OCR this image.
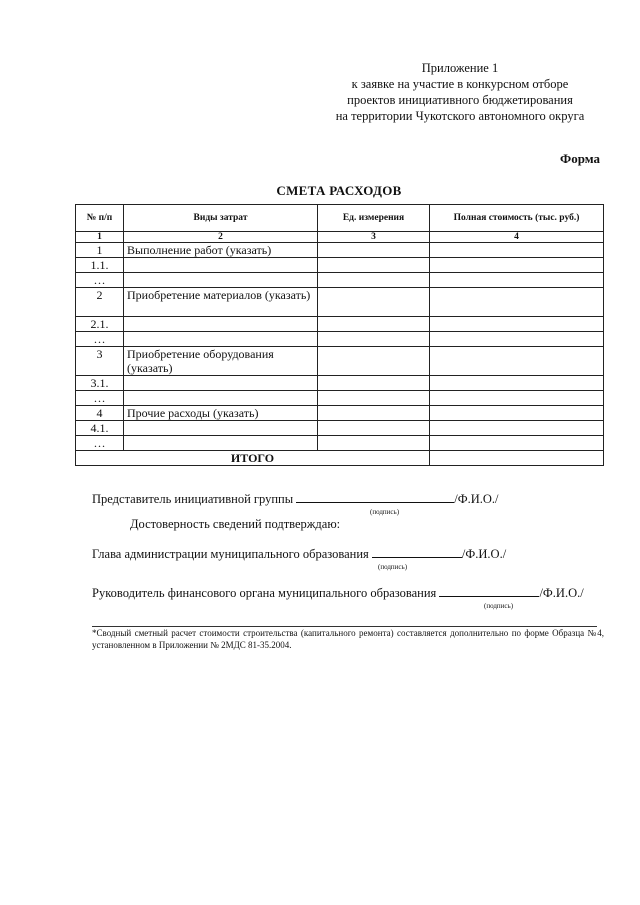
Приложение 1
к заявке на участие в конкурсном отборе
проектов инициативного бюджетирования
на территории Чукотского автономного округа
Форма
СМЕТА РАСХОДОВ
№ п/п	Виды затрат	Ед. измерения	Полная стоимость (тыс. руб.)
1	2	3	4
1	Выполнение работ (указать)		
1.1.			
…			
2	Приобретение материалов (указать)		
2.1.			
…			
3	Приобретение оборудования (указать)		
3.1.			
…			
4	Прочие расходы (указать)		
4.1.			
…			
ИТОГО			
Представитель инициативной группы	/Ф.И.О./
(подпись)
Достоверность сведений подтверждаю:
Глава администрации муниципального образования	/Ф.И.О./
(подпись)
Руководитель финансового органа муниципального образования	/Ф.И.О./
(подпись)
*Сводный сметный расчет стоимости строительства (капитального ремонта) составляется дополнительно по форме Образца №4, установленном в Приложении № 2МДС 81-35.2004.
